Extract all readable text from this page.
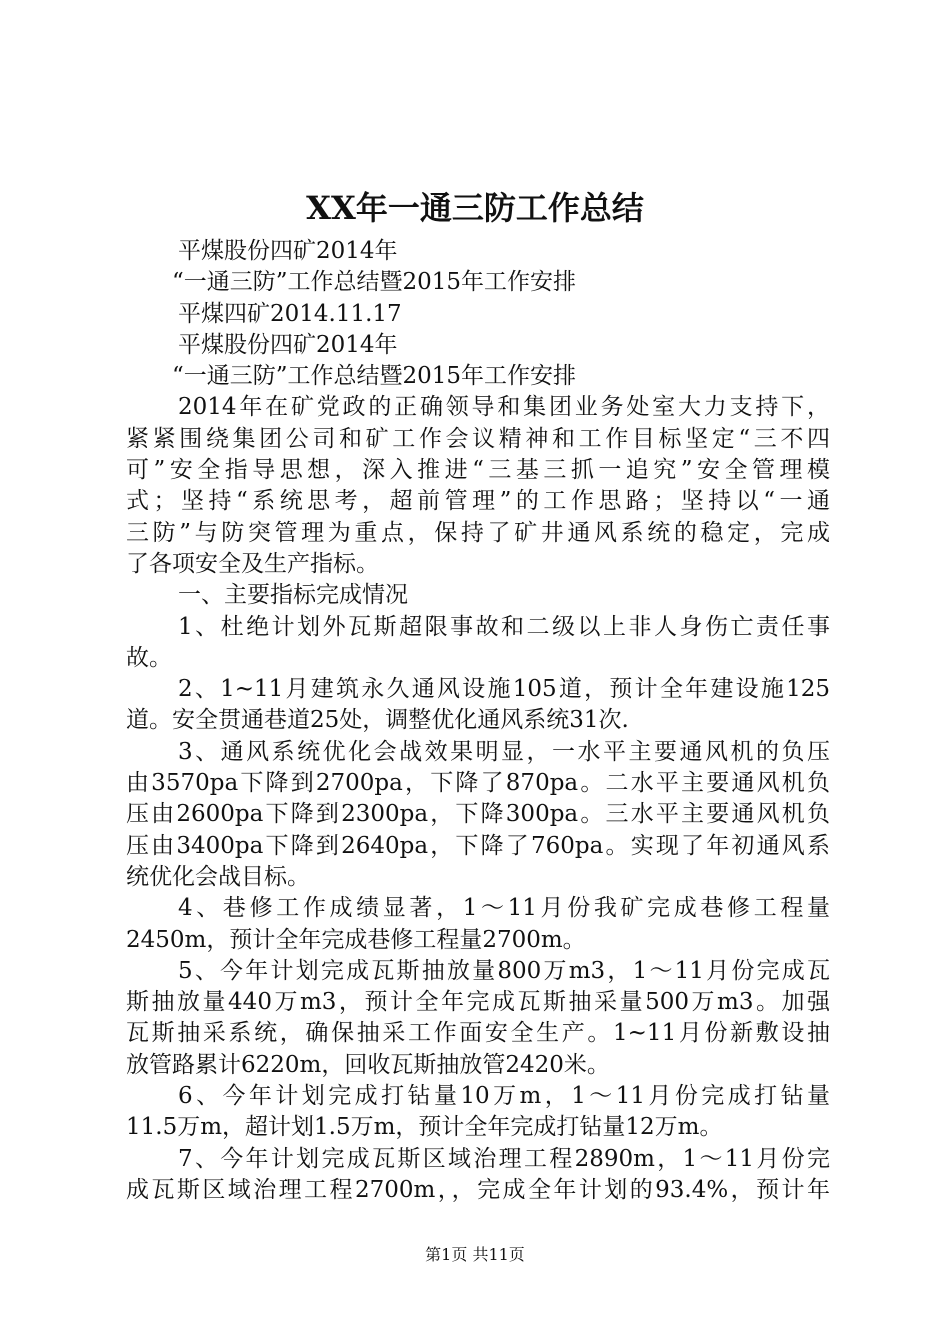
XX年一通三防工作总结
平煤股份四矿2014年
“一通三防”工作总结暨2015年工作安排
平煤四矿2014.11.17
平煤股份四矿2014年
“一通三防”工作总结暨2015年工作安排
2014年在矿党政的正确领导和集团业务处室大力支持下，
紧紧围绕集团公司和矿工作会议精神和工作目标坚定“三不四
可”安全指导思想，深入推进“三基三抓一追究”安全管理模
式；坚持“系统思考，超前管理”的工作思路；坚持以“一通
三防”与防突管理为重点，保持了矿井通风系统的稳定，完成
了各项安全及生产指标。
一、主要指标完成情况
1、杜绝计划外瓦斯超限事故和二级以上非人身伤亡责任事
故。
2、1~11月建筑永久通风设施105道，预计全年建设施125
道。安全贯通巷道25处，调整优化通风系统31次.
3、通风系统优化会战效果明显，一水平主要通风机的负压
由3570pa下降到2700pa，下降了870pa。二水平主要通风机负
压由2600pa下降到2300pa，下降300pa。三水平主要通风机负
压由3400pa下降到2640pa，下降了760pa。实现了年初通风系
统优化会战目标。
4、巷修工作成绩显著，1～11月份我矿完成巷修工程量
2450m，预计全年完成巷修工程量2700m。
5、今年计划完成瓦斯抽放量800万m3，1～11月份完成瓦
斯抽放量440万m3，预计全年完成瓦斯抽采量500万m3。加强
瓦斯抽采系统，确保抽采工作面安全生产。1~11月份新敷设抽
放管路累计6220m，回收瓦斯抽放管2420米。
6、今年计划完成打钻量10万m，1～11月份完成打钻量
11.5万m，超计划1.5万m，预计全年完成打钻量12万m。
7、今年计划完成瓦斯区域治理工程2890m，1～11月份完
成瓦斯区域治理工程2700m，，完成全年计划的93.4%，预计年
第1页 共11页
